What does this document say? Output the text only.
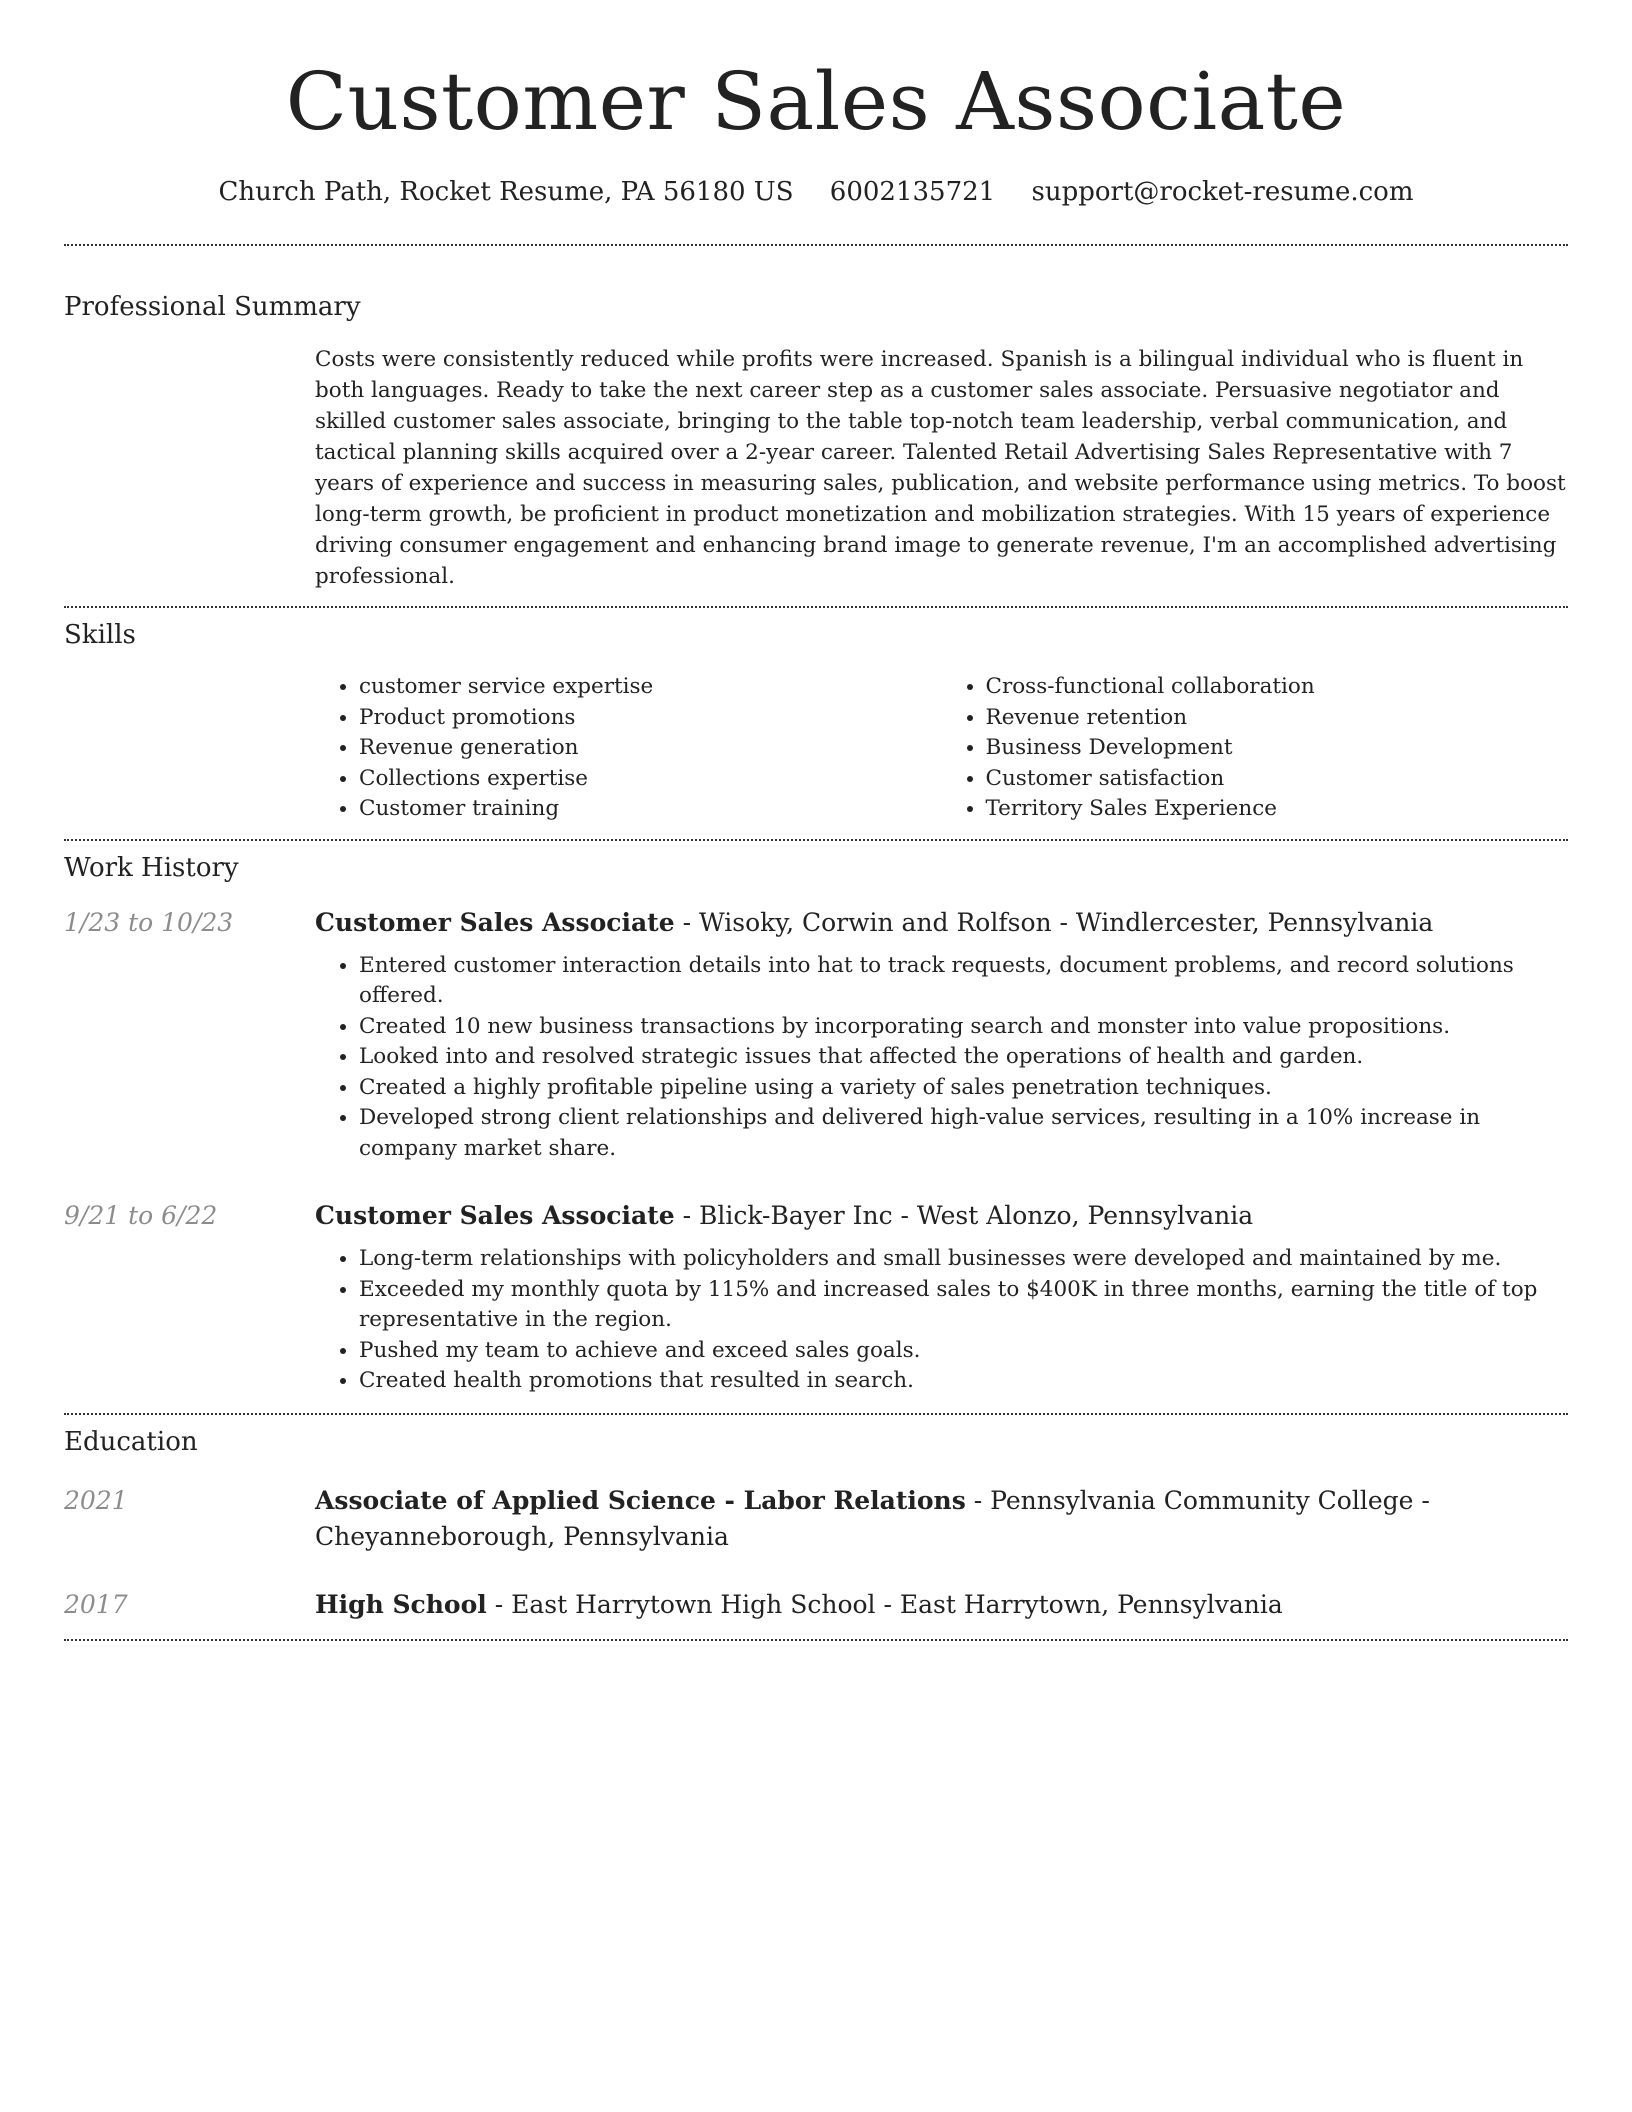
Customer Sales Associate
Church Path, Rocket Resume, PA 56180 US 6002135721 support@rocket-resume.com
Professional Summary

Costs were consistently reduced while profits were increased. Spanish is a bilingual individual who is fluent in both languages. Ready to take the next career step as a customer sales associate. Persuasive negotiator and skilled customer sales associate, bringing to the table top-notch team leadership, verbal communication, and tactical planning skills acquired over a 2-year career. Talented Retail Advertising Sales Representative with 7 years of experience and success in measuring sales, publication, and website performance using metrics. To boost long-term growth, be proficient in product monetization and mobilization strategies. With 15 years of experience driving consumer engagement and enhancing brand image to generate revenue, I'm an accomplished advertising professional.

Skills
• customer service expertise
• Product promotions
• Revenue generation
• Collections expertise
• Customer training
• Cross-functional collaboration
• Revenue retention
• Business Development
• Customer satisfaction
• Territory Sales Experience
Work History
1/23 to 10/23	Customer Sales Associate - Wisoky, Corwin and Rolfson - Windlercester, Pennsylvania

• Entered customer interaction details into hat to track requests, document problems, and record solutions offered.
• Created 10 new business transactions by incorporating search and monster into value propositions.
• Looked into and resolved strategic issues that affected the operations of health and garden.
• Created a highly profitable pipeline using a variety of sales penetration techniques.
• Developed strong client relationships and delivered high-value services, resulting in a 10% increase in company market share.
9/21 to 6/22	Customer Sales Associate - Blick-Bayer Inc - West Alonzo, Pennsylvania

• Long-term relationships with policyholders and small businesses were developed and maintained by me.
• Exceeded my monthly quota by 115% and increased sales to $400K in three months, earning the title of top representative in the region.
• Pushed my team to achieve and exceed sales goals.
• Created health promotions that resulted in search.
Education
2021	Associate of Applied Science - Labor Relations - Pennsylvania Community College - Cheyanneborough, Pennsylvania

2017	High School - East Harrytown High School - East Harrytown, Pennsylvania
